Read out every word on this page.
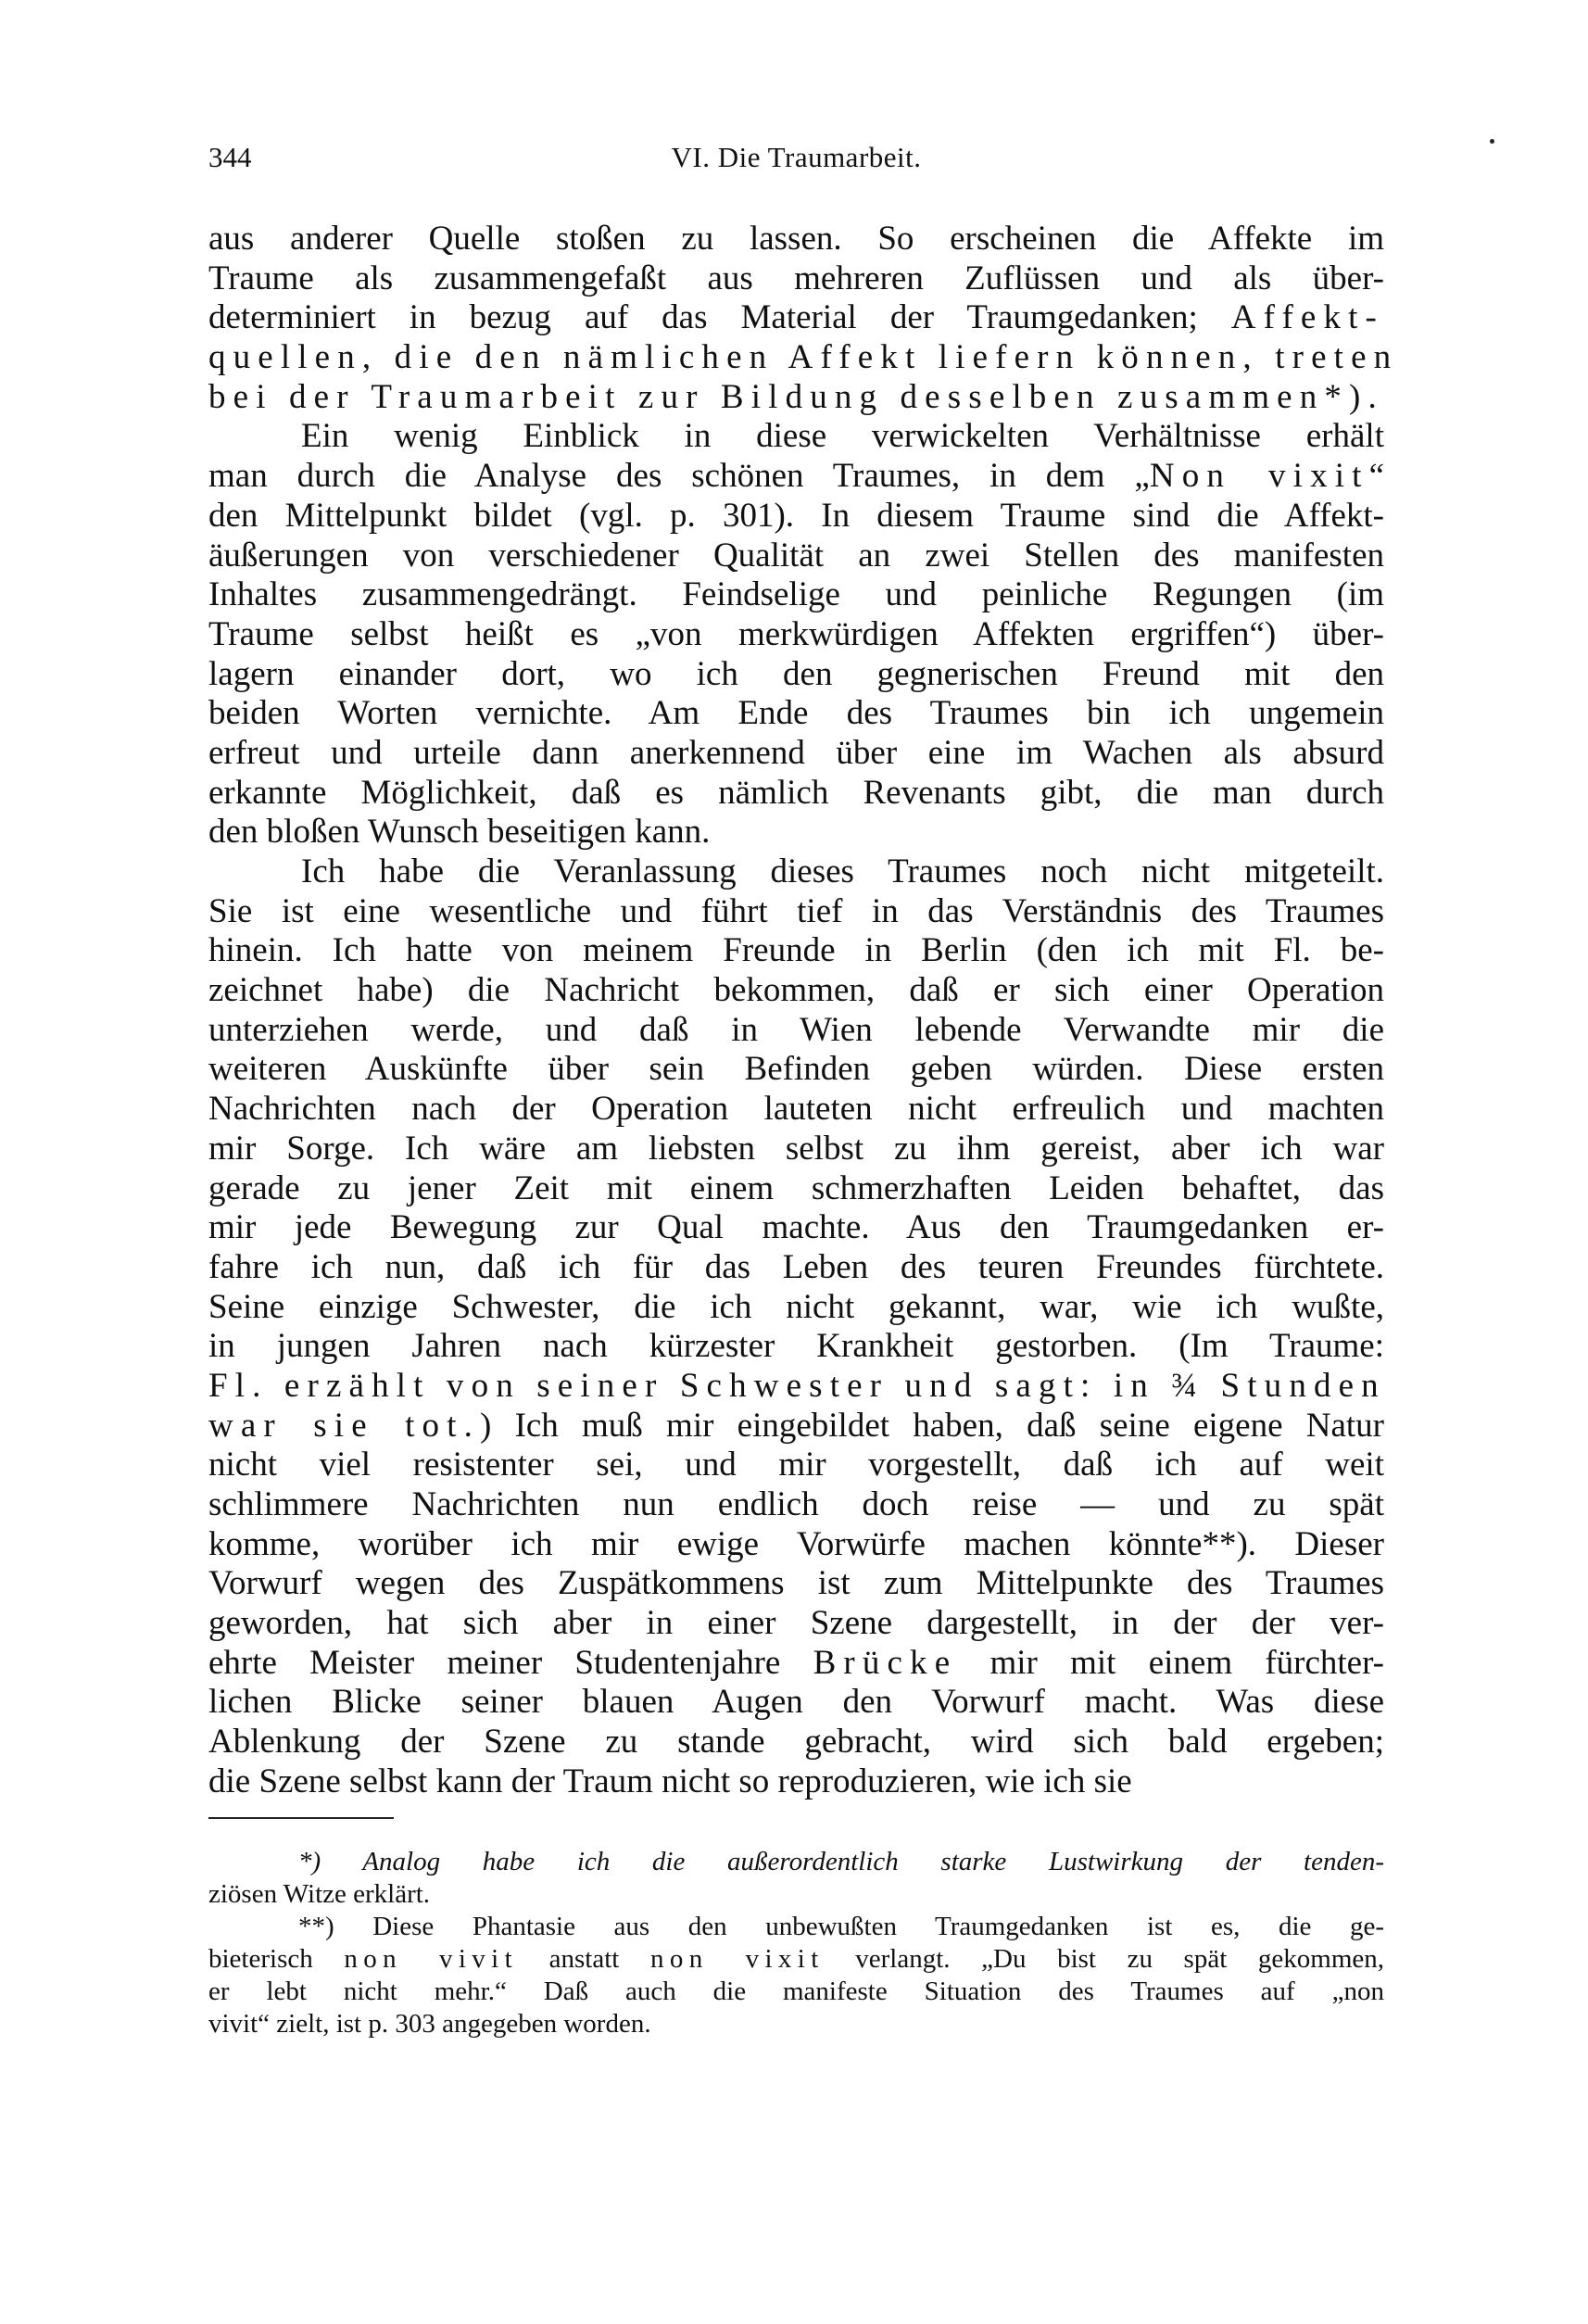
344	VI. Die Traumarbeit.
aus anderer Quelle stoßen zu lassen. So erscheinen die Affekte im
Traume als zusammengefaßt aus mehreren Zuflüssen und als über-
determiniert in bezug auf das Material der Traumgedanken; Affekt-
quellen, die den nämlichen Affekt liefern können, treten
bei der Traumarbeit zur Bildung desselben zusammen*).
Ein wenig Einblick in diese verwickelten Verhältnisse erhält
man durch die Analyse des schönen Traumes, in dem „Non vixit“
den Mittelpunkt bildet (vgl. p. 301). In diesem Traume sind die Affekt-
äußerungen von verschiedener Qualität an zwei Stellen des manifesten
Inhaltes zusammengedrängt. Feindselige und peinliche Regungen (im
Traume selbst heißt es „von merkwürdigen Affekten ergriffen“) über-
lagern einander dort, wo ich den gegnerischen Freund mit den
beiden Worten vernichte. Am Ende des Traumes bin ich ungemein
erfreut und urteile dann anerkennend über eine im Wachen als absurd
erkannte Möglichkeit, daß es nämlich Revenants gibt, die man durch
den bloßen Wunsch beseitigen kann.
Ich habe die Veranlassung dieses Traumes noch nicht mitgeteilt.
Sie ist eine wesentliche und führt tief in das Verständnis des Traumes
hinein. Ich hatte von meinem Freunde in Berlin (den ich mit Fl. be-
zeichnet habe) die Nachricht bekommen, daß er sich einer Operation
unterziehen werde, und daß in Wien lebende Verwandte mir die
weiteren Auskünfte über sein Befinden geben würden. Diese ersten
Nachrichten nach der Operation lauteten nicht erfreulich und machten
mir Sorge. Ich wäre am liebsten selbst zu ihm gereist, aber ich war
gerade zu jener Zeit mit einem schmerzhaften Leiden behaftet, das
mir jede Bewegung zur Qual machte. Aus den Traumgedanken er-
fahre ich nun, daß ich für das Leben des teuren Freundes fürchtete.
Seine einzige Schwester, die ich nicht gekannt, war, wie ich wußte,
in jungen Jahren nach kürzester Krankheit gestorben. (Im Traume:
Fl. erzählt von seiner Schwester und sagt: in ¾ Stunden
war sie tot.) Ich muß mir eingebildet haben, daß seine eigene Natur
nicht viel resistenter sei, und mir vorgestellt, daß ich auf weit
schlimmere Nachrichten nun endlich doch reise — und zu spät
komme, worüber ich mir ewige Vorwürfe machen könnte**). Dieser
Vorwurf wegen des Zuspätkommens ist zum Mittelpunkte des Traumes
geworden, hat sich aber in einer Szene dargestellt, in der der ver-
ehrte Meister meiner Studentenjahre Brücke mir mit einem fürchter-
lichen Blicke seiner blauen Augen den Vorwurf macht. Was diese
Ablenkung der Szene zu stande gebracht, wird sich bald ergeben;
die Szene selbst kann der Traum nicht so reproduzieren, wie ich sie
*) Analog habe ich die außerordentlich starke Lustwirkung der tenden-
ziösen Witze erklärt.
**) Diese Phantasie aus den unbewußten Traumgedanken ist es, die ge-
bieterisch non vivit anstatt non vixit verlangt. „Du bist zu spät gekommen,
er lebt nicht mehr.“ Daß auch die manifeste Situation des Traumes auf „non
vivit“ zielt, ist p. 303 angegeben worden.
